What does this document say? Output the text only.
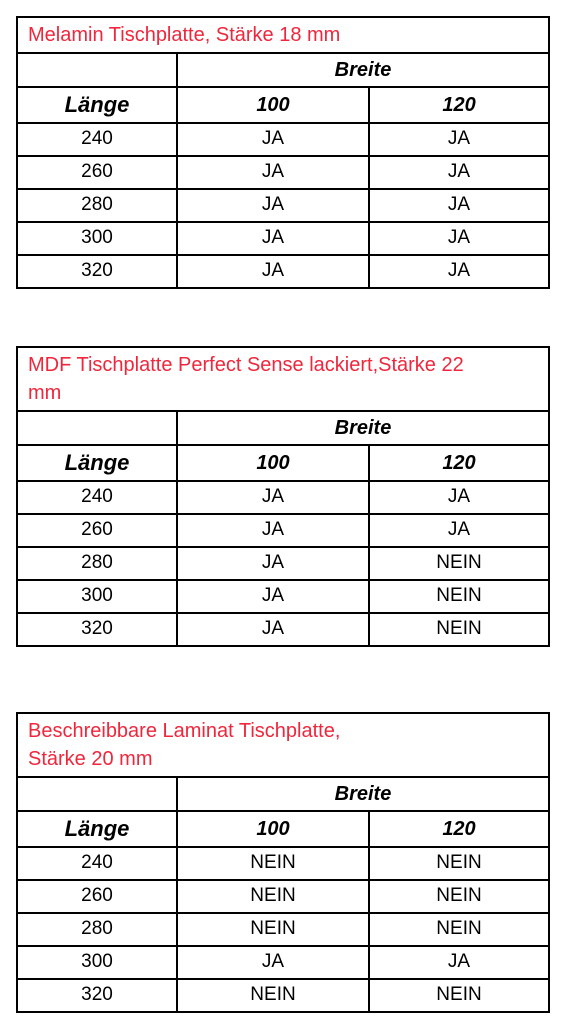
Melamin Tischplatte, Stärke 18 mm		
	Breite	
Länge	100	120
240	JA	JA
260	JA	JA
280	JA	JA
300	JA	JA
320	JA	JA
MDF Tischplatte Perfect Sense lackiert,Stärke 22
mm		
	Breite	
Länge	100	120
240	JA	JA
260	JA	JA
280	JA	NEIN
300	JA	NEIN
320	JA	NEIN
Beschreibbare Laminat Tischplatte,
Stärke 20 mm		
	Breite	
Länge	100	120
240	NEIN	NEIN
260	NEIN	NEIN
280	NEIN	NEIN
300	JA	JA
320	NEIN	NEIN
